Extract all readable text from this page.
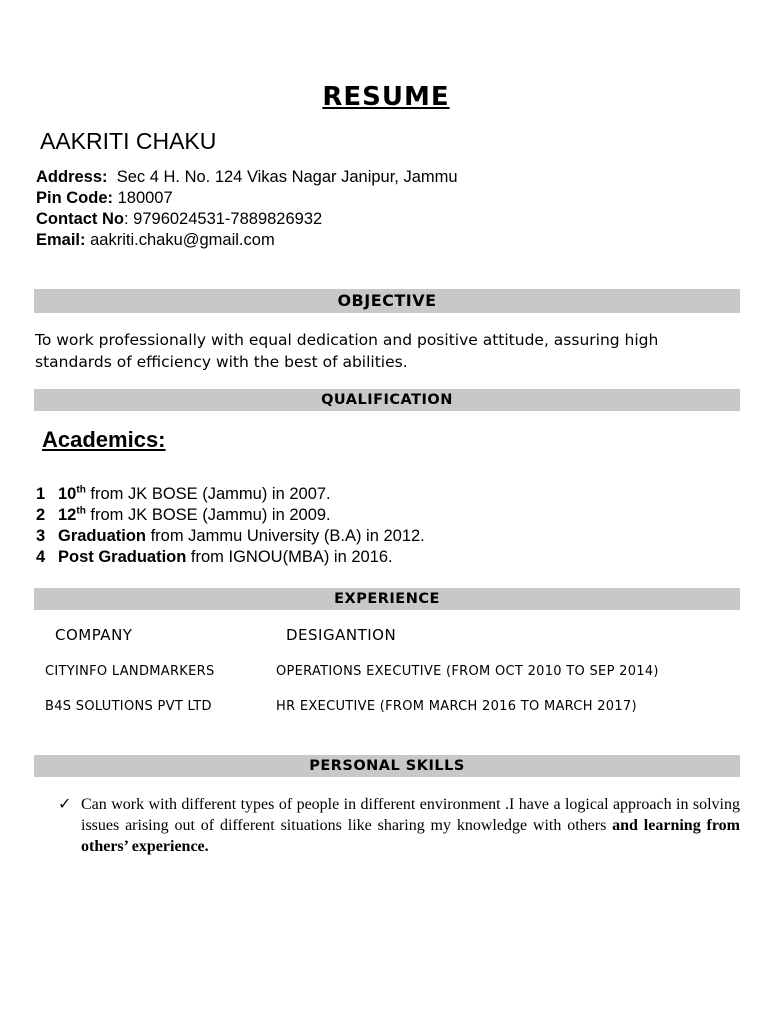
RESUME
AAKRITI CHAKU
Address: Sec 4 H. No. 124 Vikas Nagar Janipur, Jammu
Pin Code: 180007
Contact No: 9796024531-7889826932
Email: aakriti.chaku@gmail.com
OBJECTIVE
To work professionally with equal dedication and positive attitude, assuring high standards of efficiency with the best of abilities.
QUALIFICATION
Academics:
1 10th from JK BOSE (Jammu) in 2007.
2 12th from JK BOSE (Jammu) in 2009.
3 Graduation from Jammu University (B.A) in 2012.
4 Post Graduation from IGNOU(MBA) in 2016.
EXPERIENCE
COMPANY	DESIGANTION
CITYINFO LANDMARKERS	OPERATIONS EXECUTIVE (FROM OCT 2010 TO SEP 2014)
B4S SOLUTIONS PVT LTD	HR EXECUTIVE (FROM MARCH 2016 TO MARCH 2017)
PERSONAL SKILLS
✓ Can work with different types of people in different environment .I have a logical approach in solving issues arising out of different situations like sharing my knowledge with others and learning from others’ experience.
